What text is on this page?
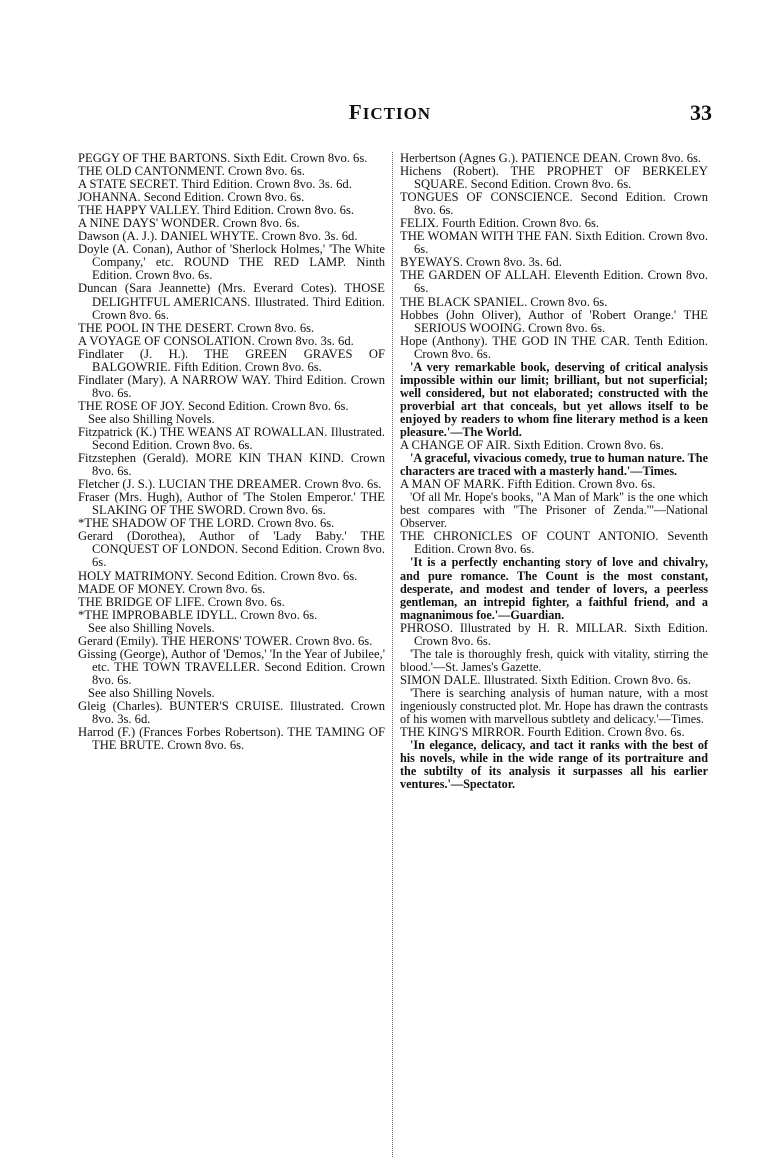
FICTION	33

PEGGY OF THE BARTONS. Sixth Edit. Crown 8vo. 6s.

THE OLD CANTONMENT. Crown 8vo. 6s.

A STATE SECRET. Third Edition. Crown 8vo. 3s. 6d.

JOHANNA. Second Edition. Crown 8vo. 6s.

THE HAPPY VALLEY. Third Edition. Crown 8vo. 6s.

A NINE DAYS' WONDER. Crown 8vo. 6s.

Dawson (A. J.). DANIEL WHYTE. Crown 8vo. 3s. 6d.

Doyle (A. Conan), Author of 'Sherlock Holmes,' 'The White Company,' etc. ROUND THE RED LAMP. Ninth Edition. Crown 8vo. 6s.

Duncan (Sara Jeannette) (Mrs. Everard Cotes). THOSE DELIGHTFUL AMERICANS. Illustrated. Third Edition. Crown 8vo. 6s.

THE POOL IN THE DESERT. Crown 8vo. 6s.

A VOYAGE OF CONSOLATION. Crown 8vo. 3s. 6d.

Findlater (J. H.). THE GREEN GRAVES OF BALGOWRIE. Fifth Edition. Crown 8vo. 6s.

Findlater (Mary). A NARROW WAY. Third Edition. Crown 8vo. 6s.

THE ROSE OF JOY. Second Edition. Crown 8vo. 6s.

See also Shilling Novels.

Fitzpatrick (K.) THE WEANS AT ROWALLAN. Illustrated. Second Edition. Crown 8vo. 6s.

Fitzstephen (Gerald). MORE KIN THAN KIND. Crown 8vo. 6s.

Fletcher (J. S.). LUCIAN THE DREAMER. Crown 8vo. 6s.

Fraser (Mrs. Hugh), Author of 'The Stolen Emperor.' THE SLAKING OF THE SWORD. Crown 8vo. 6s.

*THE SHADOW OF THE LORD. Crown 8vo. 6s.

Gerard (Dorothea), Author of 'Lady Baby.' THE CONQUEST OF LONDON. Second Edition. Crown 8vo. 6s.

HOLY MATRIMONY. Second Edition. Crown 8vo. 6s.

MADE OF MONEY. Crown 8vo. 6s.

THE BRIDGE OF LIFE. Crown 8vo. 6s.

*THE IMPROBABLE IDYLL. Crown 8vo. 6s.

See also Shilling Novels.

Gerard (Emily). THE HERONS' TOWER. Crown 8vo. 6s.

Gissing (George), Author of 'Demos,' 'In the Year of Jubilee,' etc. THE TOWN TRAVELLER. Second Edition. Crown 8vo. 6s.

See also Shilling Novels.

Gleig (Charles). BUNTER'S CRUISE. Illustrated. Crown 8vo. 3s. 6d.

Harrod (F.) (Frances Forbes Robertson). THE TAMING OF THE BRUTE. Crown 8vo. 6s.

Herbertson (Agnes G.). PATIENCE DEAN. Crown 8vo. 6s.

Hichens (Robert). THE PROPHET OF BERKELEY SQUARE. Second Edition. Crown 8vo. 6s.

TONGUES OF CONSCIENCE. Second Edition. Crown 8vo. 6s.

FELIX. Fourth Edition. Crown 8vo. 6s.

THE WOMAN WITH THE FAN. Sixth Edition. Crown 8vo. 6s.

BYEWAYS. Crown 8vo. 3s. 6d.

THE GARDEN OF ALLAH. Eleventh Edition. Crown 8vo. 6s.

THE BLACK SPANIEL. Crown 8vo. 6s.

Hobbes (John Oliver), Author of 'Robert Orange.' THE SERIOUS WOOING. Crown 8vo. 6s.

Hope (Anthony). THE GOD IN THE CAR. Tenth Edition. Crown 8vo. 6s.

'A very remarkable book, deserving of critical analysis impossible within our limit; brilliant, but not superficial; well considered, but not elaborated; constructed with the proverbial art that conceals, but yet allows itself to be enjoyed by readers to whom fine literary method is a keen pleasure.'—The World.

A CHANGE OF AIR. Sixth Edition. Crown 8vo. 6s.

'A graceful, vivacious comedy, true to human nature. The characters are traced with a masterly hand.'—Times.

A MAN OF MARK. Fifth Edition. Crown 8vo. 6s.

'Of all Mr. Hope's books, "A Man of Mark" is the one which best compares with "The Prisoner of Zenda."'—National Observer.

THE CHRONICLES OF COUNT ANTONIO. Seventh Edition. Crown 8vo. 6s.

'It is a perfectly enchanting story of love and chivalry, and pure romance. The Count is the most constant, desperate, and modest and tender of lovers, a peerless gentleman, an intrepid fighter, a faithful friend, and a magnanimous foe.'—Guardian.

PHROSO. Illustrated by H. R. MILLAR. Sixth Edition. Crown 8vo. 6s.

'The tale is thoroughly fresh, quick with vitality, stirring the blood.'—St. James's Gazette.

SIMON DALE. Illustrated. Sixth Edition. Crown 8vo. 6s.

'There is searching analysis of human nature, with a most ingeniously constructed plot. Mr. Hope has drawn the contrasts of his women with marvellous subtlety and delicacy.'—Times.

THE KING'S MIRROR. Fourth Edition. Crown 8vo. 6s.

'In elegance, delicacy, and tact it ranks with the best of his novels, while in the wide range of its portraiture and the subtilty of its analysis it surpasses all his earlier ventures.'—Spectator.
